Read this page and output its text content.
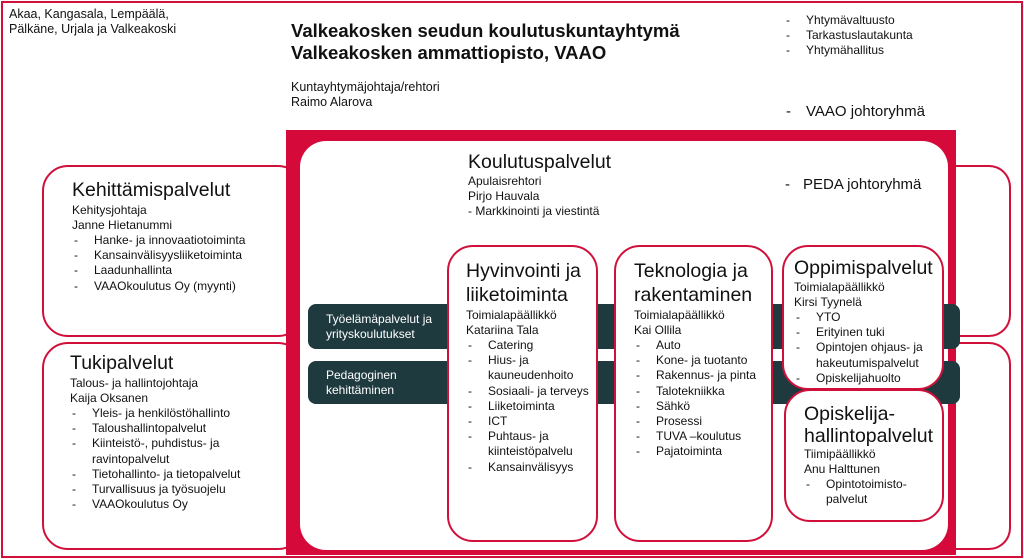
Akaa, Kangasala, Lempäälä,
Pälkäne, Urjala ja Valkeakoski	Valkeakosken seudun koulutuskuntayhtymä
Valkeakosken ammattiopisto, VAAO
Kuntayhtymäjohtaja/rehtori
Raimo Alarova
- Yhtymävaltuusto
- Tarkastuslautakunta
- Yhtymähallitus
- VAAO johtoryhmä
Kehittämispalvelut
Kehitysjohtaja
Janne Hietanummi
- Hanke- ja innovaatiotoiminta
- Kansainvälisyysliiketoiminta
- Laadunhallinta
- VAAOkoulutus Oy (myynti)
Tukipalvelut
Talous- ja hallintojohtaja
Kaija Oksanen
- Yleis- ja henkilöstöhallinto
- Taloushallintopalvelut
- Kiinteistö-, puhdistus- ja ravintopalvelut
- Tietohallinto- ja tietopalvelut
- Turvallisuus ja työsuojelu
- VAAOkoulutus Oy
Koulutuspalvelut
Apulaisrehtori
Pirjo Hauvala
- Markkinointi ja viestintä
- PEDA johtoryhmä
Työelämäpalvelut ja
yrityskoulutukset
Pedagoginen
kehittäminen
Hyvinvointi ja
liiketoiminta
Toimialapäällikkö
Katariina Tala
- Catering
- Hius- ja kauneudenhoito
- Sosiaali- ja terveys
- Liiketoiminta
- ICT
- Puhtaus- ja kiinteistöpalvelu
- Kansainvälisyys
Teknologia ja
rakentaminen
Toimialapäällikkö
Kai Ollila
- Auto
- Kone- ja tuotanto
- Rakennus- ja pinta
- Talotekniikka
- Sähkö
- Prosessi
- TUVA –koulutus
- Pajatoiminta
Oppimispalvelut
Toimialapäällikkö
Kirsi Tyynelä
- YTO
- Erityinen tuki
- Opintojen ohjaus- ja hakeutumispalvelut
- Opiskelijahuolto
Opiskelija-
hallintopalvelut
Tiimipäällikkö
Anu Halttunen
- Opintotoimisto-palvelut
